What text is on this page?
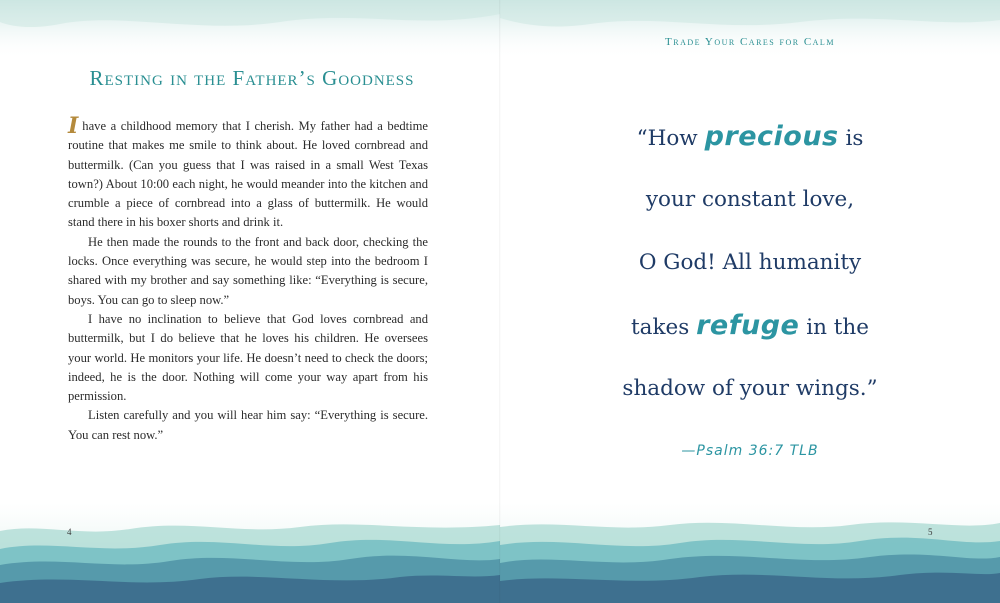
Resting in the Father’s Goodness

Ihave a childhood memory that I cherish. My father had a bedtime routine that makes me smile to think about. He loved cornbread and buttermilk. (Can you guess that I was raised in a small West Texas town?) About 10:00 each night, he would meander into the kitchen and crumble a piece of cornbread into a glass of buttermilk. He would stand there in his boxer shorts and drink it.

He then made the rounds to the front and back door, checking the locks. Once everything was secure, he would step into the bedroom I shared with my brother and say something like: “Everything is secure, boys. You can go to sleep now.”

I have no inclination to believe that God loves cornbread and buttermilk, but I do believe that he loves his children. He oversees your world. He monitors your life. He doesn’t need to check the doors; indeed, he is the door. Nothing will come your way apart from his permission.

Listen carefully and you will hear him say: “Everything is secure. You can rest now.”

4
Trade Your Cares for Calm
“How precious is
your constant love,
O God! All humanity
takes refuge in the
shadow of your wings.”
—Psalm 36:7 TLB
5
